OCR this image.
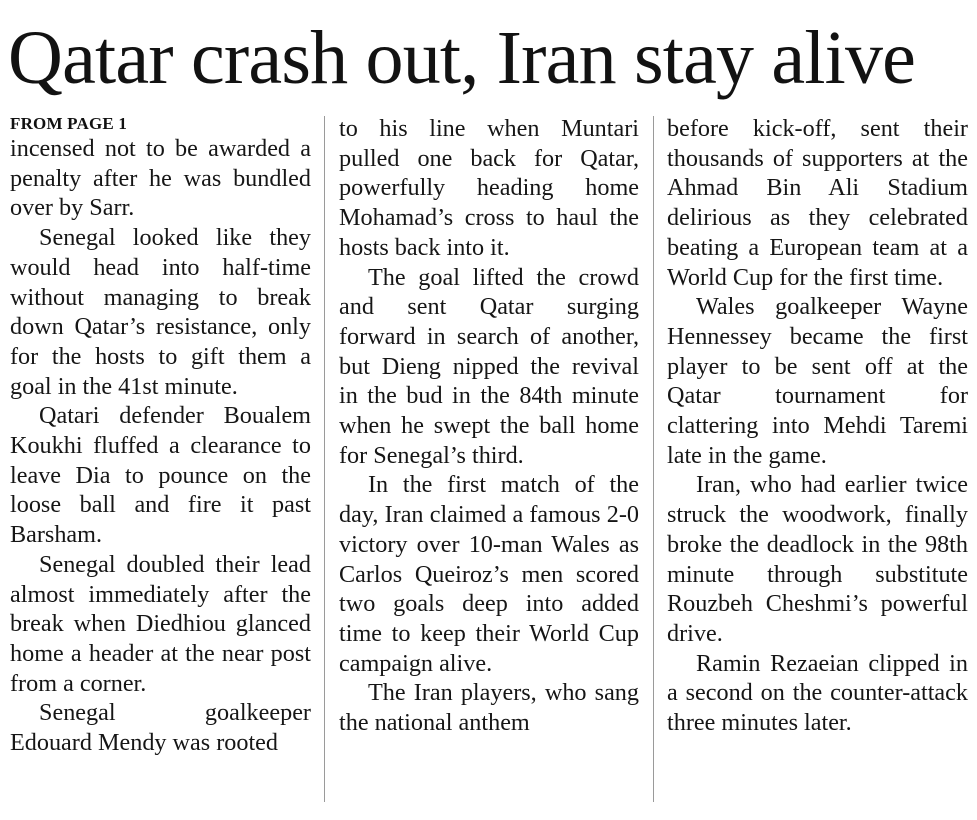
Qatar crash out, Iran stay alive
FROM PAGE 1

incensed not to be awarded a penalty after he was bundled over by Sarr.

Senegal looked like they would head into half-time without managing to break down Qatar’s resistance, only for the hosts to gift them a goal in the 41st minute.

Qatari defender Boualem Koukhi fluffed a clearance to leave Dia to pounce on the loose ball and fire it past Barsham.

Senegal doubled their lead almost immediately after the break when Diedhiou glanced home a header at the near post from a corner.

Senegal goalkeeper Edouard Mendy was rooted

to his line when Muntari pulled one back for Qatar, powerfully heading home Mohamad’s cross to haul the hosts back into it.

The goal lifted the crowd and sent Qatar surging forward in search of another, but Dieng nipped the revival in the bud in the 84th minute when he swept the ball home for Senegal’s third.

In the first match of the day, Iran claimed a famous 2-0 victory over 10-man Wales as Carlos Queiroz’s men scored two goals deep into added time to keep their World Cup campaign alive.

The Iran players, who sang the national anthem

before kick-off, sent their thousands of supporters at the Ahmad Bin Ali Stadium delirious as they celebrated beating a European team at a World Cup for the first time.

Wales goalkeeper Wayne Hennessey became the first player to be sent off at the Qatar tournament for clattering into Mehdi Taremi late in the game.

Iran, who had earlier twice struck the woodwork, finally broke the deadlock in the 98th minute through substitute Rouzbeh Cheshmi’s powerful drive.

Ramin Rezaeian clipped in a second on the counter-attack three minutes later.
